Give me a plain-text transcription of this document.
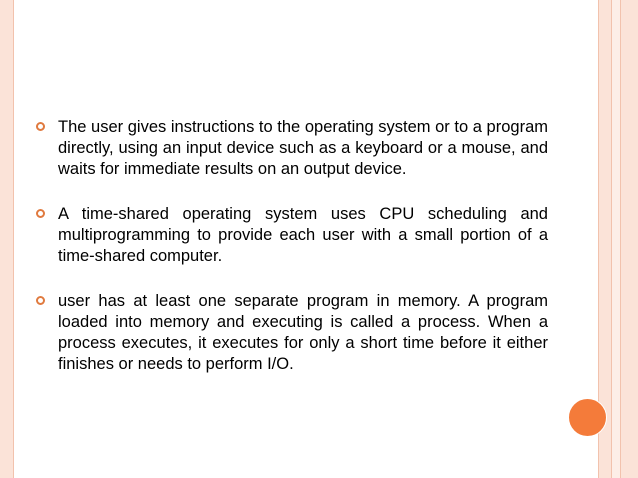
The user gives instructions to the operating system or to a program directly, using an input device such as a keyboard or a mouse, and waits for immediate results on an output device.

A time-shared operating system uses CPU scheduling and multiprogramming to provide each user with a small portion of a time-shared computer.

user has at least one separate program in memory. A program loaded into memory and executing is called a process. When a process executes, it executes for only a short time before it either finishes or needs to perform I/O.
